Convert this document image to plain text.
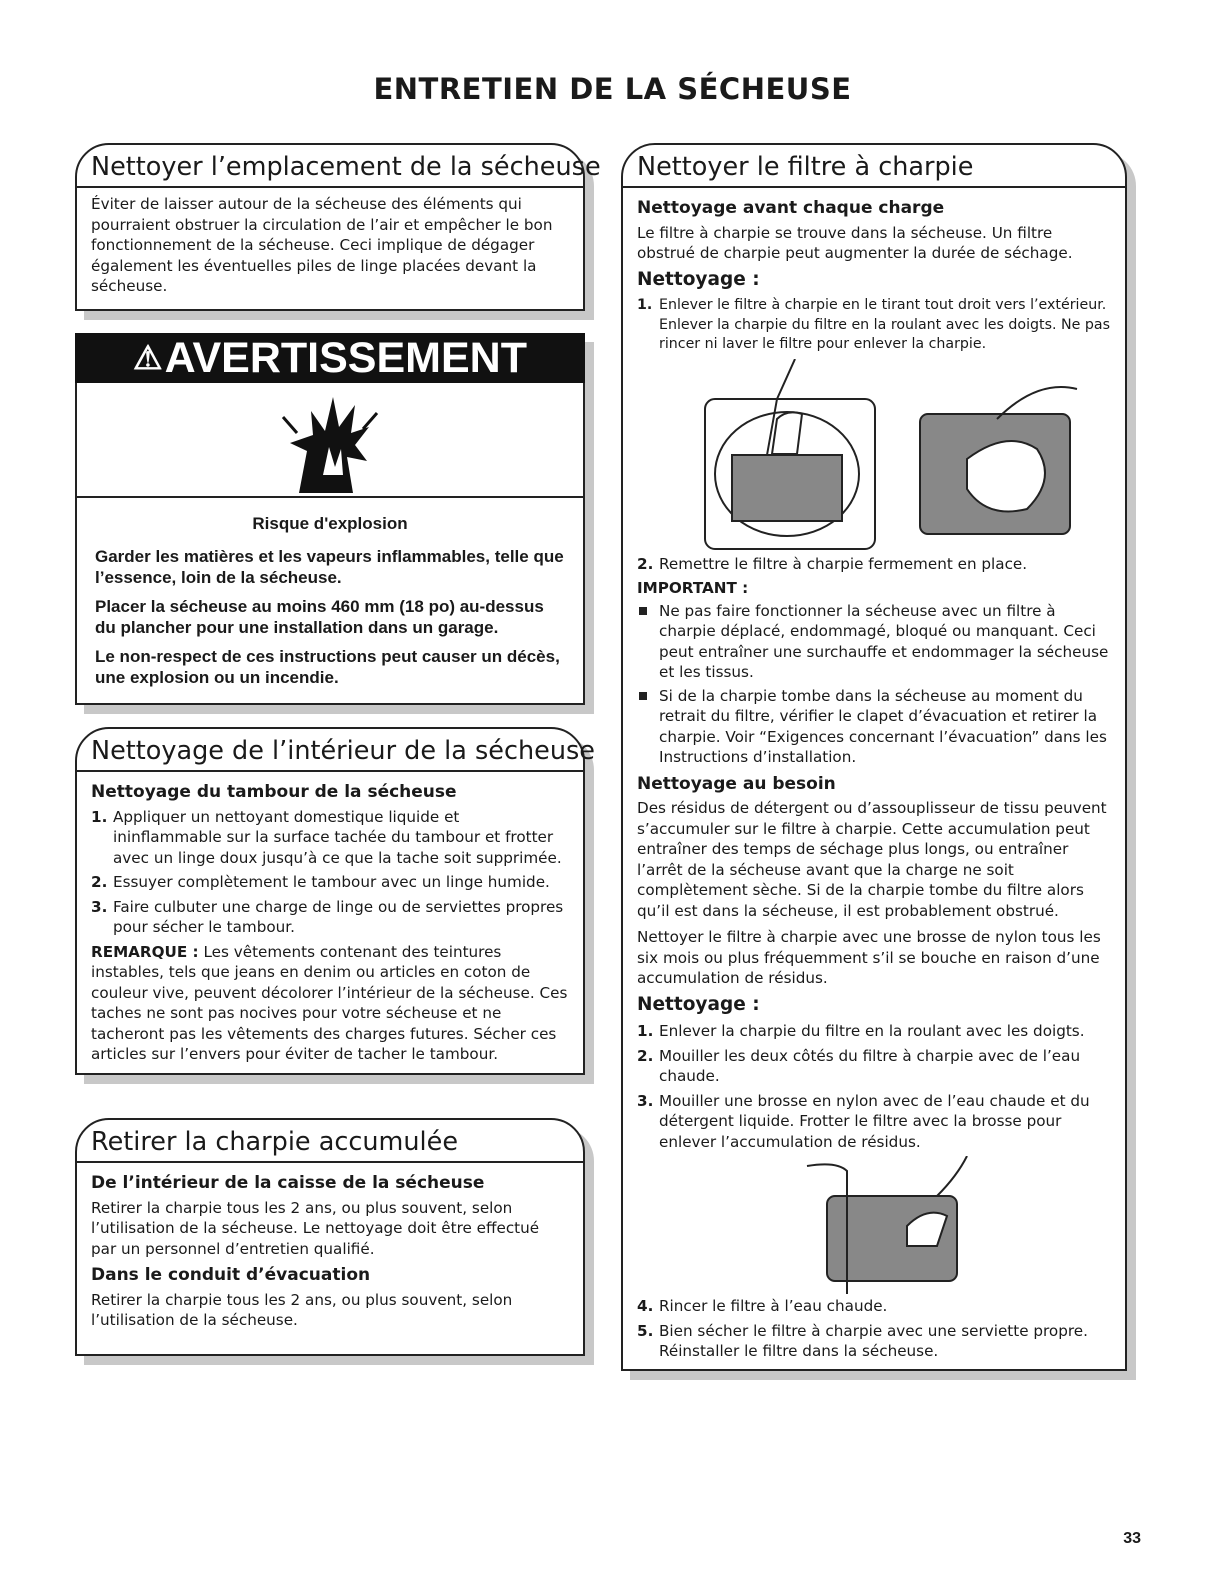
ENTRETIEN DE LA SÉCHEUSE
Nettoyer l’emplacement de la sécheuse

Éviter de laisser autour de la sécheuse des éléments qui pourraient obstruer la circulation de l’air et empêcher le bon fonctionnement de la sécheuse. Ceci implique de dégager également les éventuelles piles de linge placées devant la sécheuse.

⚠AVERTISSEMENT
Risque d'explosion

Garder les matières et les vapeurs inflammables, telle que l’essence, loin de la sécheuse.

Placer la sécheuse au moins 460 mm (18 po) au-dessus du plancher pour une installation dans un garage.

Le non-respect de ces instructions peut causer un décès, une explosion ou un incendie.

Nettoyage de l’intérieur de la sécheuse
Nettoyage du tambour de la sécheuse
1. Appliquer un nettoyant domestique liquide et ininflammable sur la surface tachée du tambour et frotter avec un linge doux jusqu’à ce que la tache soit supprimée.
2. Essuyer complètement le tambour avec un linge humide.
3. Faire culbuter une charge de linge ou de serviettes propres pour sécher le tambour.

REMARQUE : Les vêtements contenant des teintures instables, tels que jeans en denim ou articles en coton de couleur vive, peuvent décolorer l’intérieur de la sécheuse. Ces taches ne sont pas nocives pour votre sécheuse et ne tacheront pas les vêtements des charges futures. Sécher ces articles sur l’envers pour éviter de tacher le tambour.

Retirer la charpie accumulée
De l’intérieur de la caisse de la sécheuse

Retirer la charpie tous les 2 ans, ou plus souvent, selon l’utilisation de la sécheuse. Le nettoyage doit être effectué par un personnel d’entretien qualifié.

Dans le conduit d’évacuation

Retirer la charpie tous les 2 ans, ou plus souvent, selon l’utilisation de la sécheuse.

Nettoyer le filtre à charpie
Nettoyage avant chaque charge

Le filtre à charpie se trouve dans la sécheuse. Un filtre obstrué de charpie peut augmenter la durée de séchage.

Nettoyage :
1. Enlever le filtre à charpie en le tirant tout droit vers l’extérieur. Enlever la charpie du filtre en la roulant avec les doigts. Ne pas rincer ni laver le filtre pour enlever la charpie.
2. Remettre le filtre à charpie fermement en place.
IMPORTANT :
Ne pas faire fonctionner la sécheuse avec un filtre à charpie déplacé, endommagé, bloqué ou manquant. Ceci peut entraîner une surchauffe et endommager la sécheuse et les tissus.
Si de la charpie tombe dans la sécheuse au moment du retrait du filtre, vérifier le clapet d’évacuation et retirer la charpie. Voir “Exigences concernant l’évacuation” dans les Instructions d’installation.
Nettoyage au besoin

Des résidus de détergent ou d’assouplisseur de tissu peuvent s’accumuler sur le filtre à charpie. Cette accumulation peut entraîner des temps de séchage plus longs, ou entraîner l’arrêt de la sécheuse avant que la charge ne soit complètement sèche. Si de la charpie tombe du filtre alors qu’il est dans la sécheuse, il est probablement obstrué.

Nettoyer le filtre à charpie avec une brosse de nylon tous les six mois ou plus fréquemment s’il se bouche en raison d’une accumulation de résidus.

Nettoyage :
1. Enlever la charpie du filtre en la roulant avec les doigts.
2. Mouiller les deux côtés du filtre à charpie avec de l’eau chaude.
3. Mouiller une brosse en nylon avec de l’eau chaude et du détergent liquide. Frotter le filtre avec la brosse pour enlever l’accumulation de résidus.
4. Rincer le filtre à l’eau chaude.
5. Bien sécher le filtre à charpie avec une serviette propre. Réinstaller le filtre dans la sécheuse.
33
